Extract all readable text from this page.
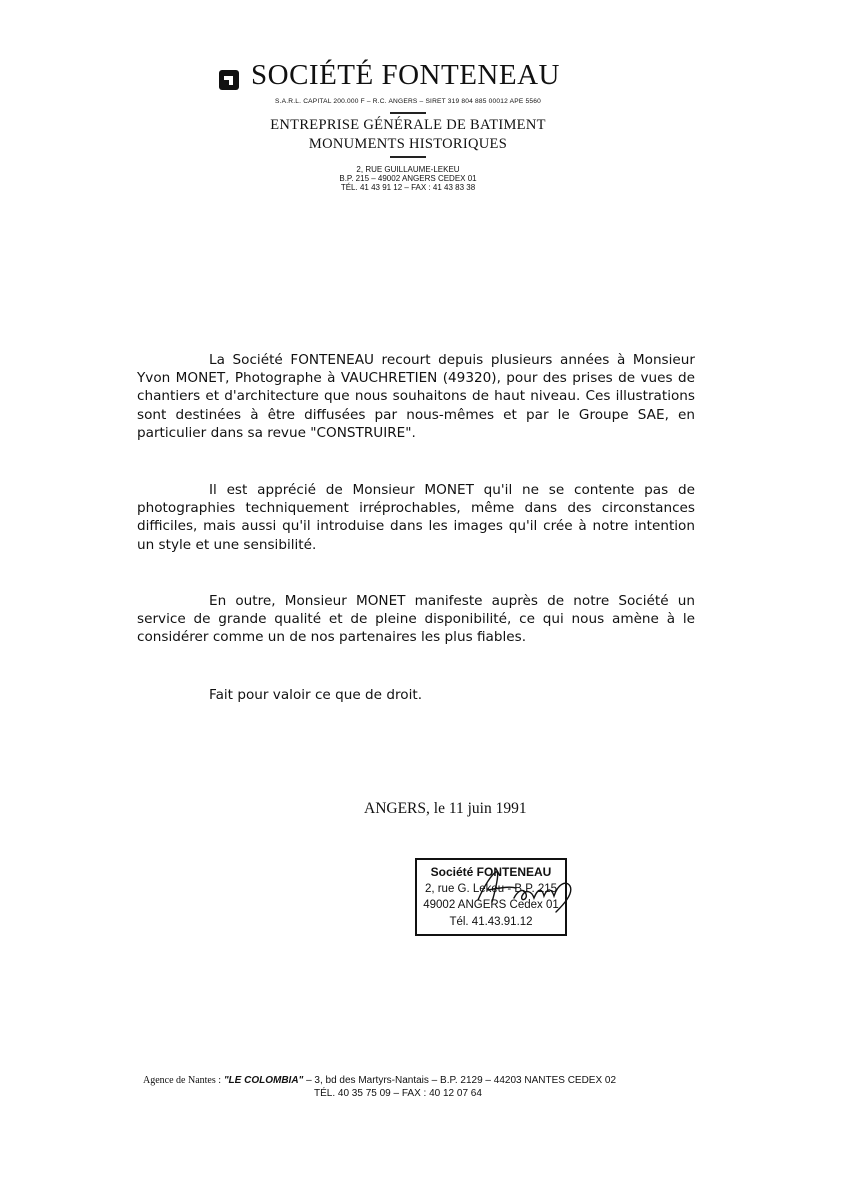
SOCIÉTÉ FONTENEAU
S.A.R.L. CAPITAL 200.000 F – R.C. ANGERS – SIRET 319 804 885 00012 APE 5560
ENTREPRISE GÉNÉRALE DE BATIMENT
MONUMENTS HISTORIQUES
2, RUE GUILLAUME-LEKEU
B.P. 215 – 49002 ANGERS CEDEX 01
TÉL. 41 43 91 12 – FAX : 41 43 83 38

La Société FONTENEAU recourt depuis plusieurs années à Monsieur Yvon MONET, Photographe à VAUCHRETIEN (49320), pour des prises de vues de chantiers et d'architecture que nous souhaitons de haut niveau. Ces illustrations sont destinées à être diffusées par nous-mêmes et par le Groupe SAE, en particulier dans sa revue "CONSTRUIRE".

Il est apprécié de Monsieur MONET qu'il ne se contente pas de photographies techniquement irréprochables, même dans des circonstances difficiles, mais aussi qu'il introduise dans les images qu'il crée à notre intention un style et une sensibilité.

En outre, Monsieur MONET manifeste auprès de notre Société un service de grande qualité et de pleine disponibilité, ce qui nous amène à le considérer comme un de nos partenaires les plus fiables.

Fait pour valoir ce que de droit.
ANGERS, le 11 juin 1991
Société FONTENEAU
2, rue G. Lekeu - B.P. 215
49002 ANGERS Cedex 01
Tél. 41.43.91.12
Agence de Nantes : "LE COLOMBIA" – 3, bd des Martyrs-Nantais – B.P. 2129 – 44203 NANTES CEDEX 02
TÉL. 40 35 75 09 – FAX : 40 12 07 64
